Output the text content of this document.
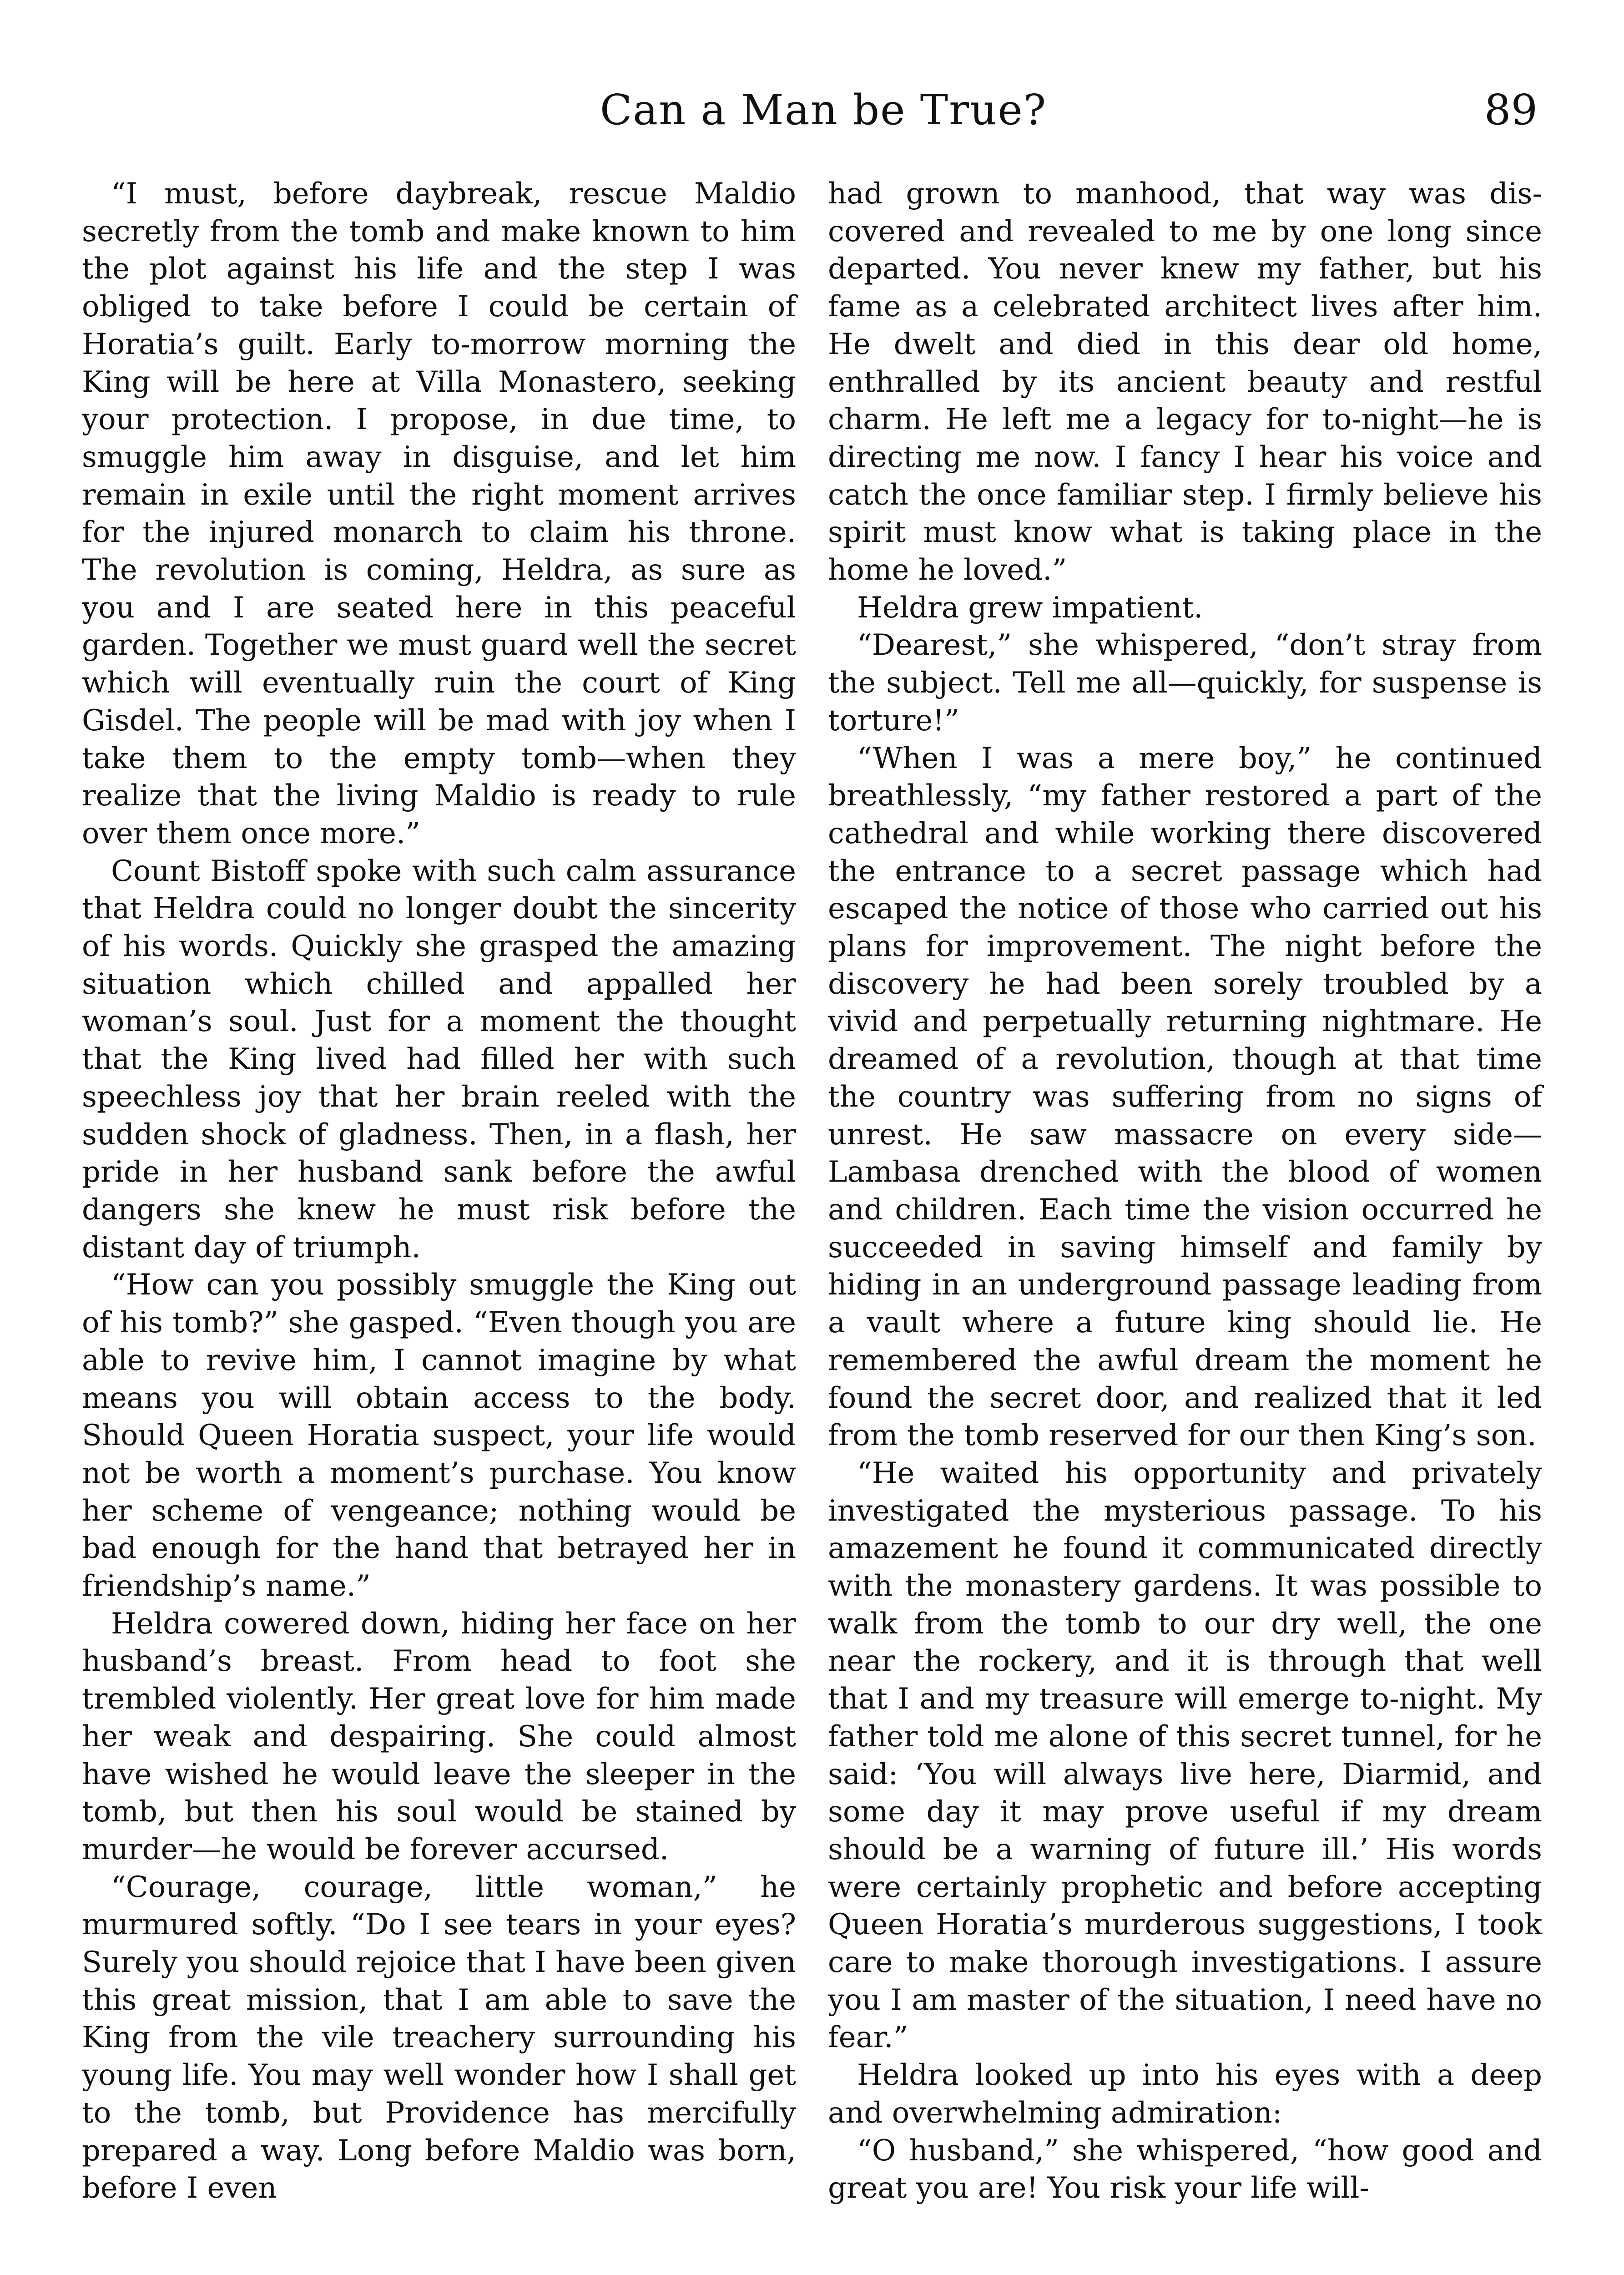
Can a Man be True?	89

“I must, before daybreak, rescue Maldio secretly from the tomb and make known to him the plot against his life and the step I was obliged to take before I could be certain of Horatia’s guilt. Early to-morrow morning the King will be here at Villa Monastero, seeking your protection. I propose, in due time, to smuggle him away in disguise, and let him remain in exile until the right moment arrives for the injured monarch to claim his throne. The revolution is coming, Heldra, as sure as you and I are seated here in this peaceful garden. Together we must guard well the secret which will eventually ruin the court of King Gisdel. The people will be mad with joy when I take them to the empty tomb—when they realize that the living Maldio is ready to rule over them once more.”

Count Bistoff spoke with such calm assurance that Heldra could no longer doubt the sincerity of his words. Quickly she grasped the amazing situation which chilled and appalled her woman’s soul. Just for a moment the thought that the King lived had filled her with such speechless joy that her brain reeled with the sudden shock of gladness. Then, in a flash, her pride in her husband sank before the awful dangers she knew he must risk before the distant day of triumph.

“How can you possibly smuggle the King out of his tomb?” she gasped. “Even though you are able to revive him, I cannot imagine by what means you will obtain access to the body. Should Queen Horatia suspect, your life would not be worth a moment’s purchase. You know her scheme of vengeance; nothing would be bad enough for the hand that betrayed her in friendship’s name.”

Heldra cowered down, hiding her face on her husband’s breast. From head to foot she trembled violently. Her great love for him made her weak and despairing. She could almost have wished he would leave the sleeper in the tomb, but then his soul would be stained by murder—he would be forever accursed.

“Courage, courage, little woman,” he murmured softly. “Do I see tears in your eyes? Surely you should rejoice that I have been given this great mission, that I am able to save the King from the vile treachery surrounding his young life. You may well wonder how I shall get to the tomb, but Providence has mercifully prepared a way. Long before Maldio was born, before I even

had grown to manhood, that way was discovered and revealed to me by one long since departed. You never knew my father, but his fame as a celebrated architect lives after him. He dwelt and died in this dear old home, enthralled by its ancient beauty and restful charm. He left me a legacy for to-night—he is directing me now. I fancy I hear his voice and catch the once familiar step. I firmly believe his spirit must know what is taking place in the home he loved.”

Heldra grew impatient.

“Dearest,” she whispered, “don’t stray from the subject. Tell me all—quickly, for suspense is torture!”

“When I was a mere boy,” he continued breathlessly, “my father restored a part of the cathedral and while working there discovered the entrance to a secret passage which had escaped the notice of those who carried out his plans for improvement. The night before the discovery he had been sorely troubled by a vivid and perpetually returning nightmare. He dreamed of a revolution, though at that time the country was suffering from no signs of unrest. He saw massacre on every side—Lambasa drenched with the blood of women and children. Each time the vision occurred he succeeded in saving himself and family by hiding in an underground passage leading from a vault where a future king should lie. He remembered the awful dream the moment he found the secret door, and realized that it led from the tomb reserved for our then King’s son.

“He waited his opportunity and privately investigated the mysterious passage. To his amazement he found it communicated directly with the monastery gardens. It was possible to walk from the tomb to our dry well, the one near the rockery, and it is through that well that I and my treasure will emerge to-night. My father told me alone of this secret tunnel, for he said: ‘You will always live here, Diarmid, and some day it may prove useful if my dream should be a warning of future ill.’ His words were certainly prophetic and before accepting Queen Horatia’s murderous suggestions, I took care to make thorough investigations. I assure you I am master of the situation, I need have no fear.”

Heldra looked up into his eyes with a deep and overwhelming admiration:

“O husband,” she whispered, “how good and great you are! You risk your life will-
